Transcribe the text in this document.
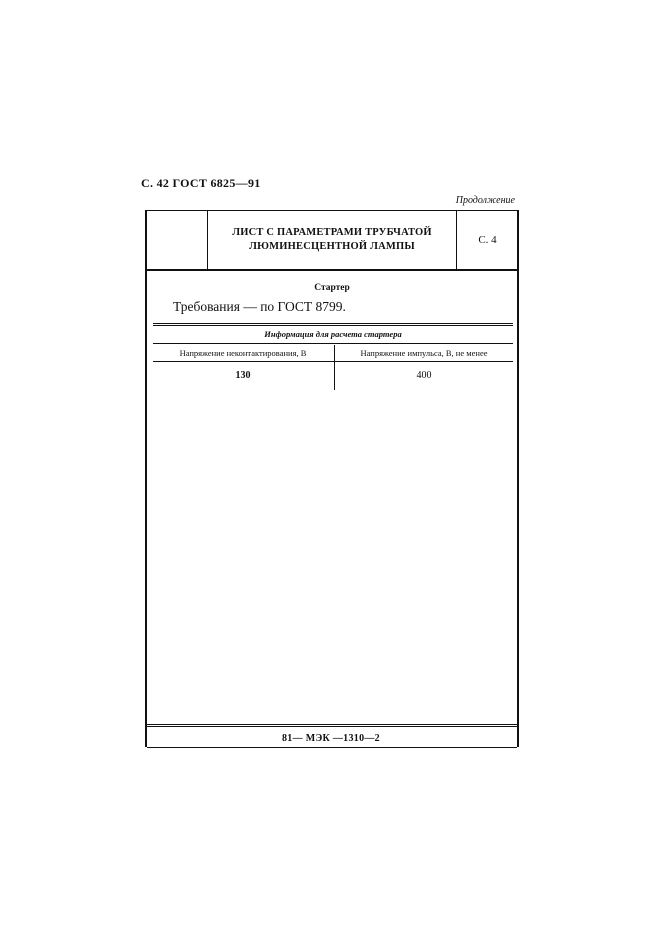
С. 42 ГОСТ 6825—91
Продолжение
ЛИСТ С ПАРАМЕТРАМИ ТРУБЧАТОЙ ЛЮМИНЕСЦЕНТНОЙ ЛАМПЫ
С. 4
Стартер
Требования — по ГОСТ 8799.
Информация для расчета стартера
Напряжение неконтактирования, В	Напряжение импульса, В, не менее
130	400
81— МЭК —1310—2
